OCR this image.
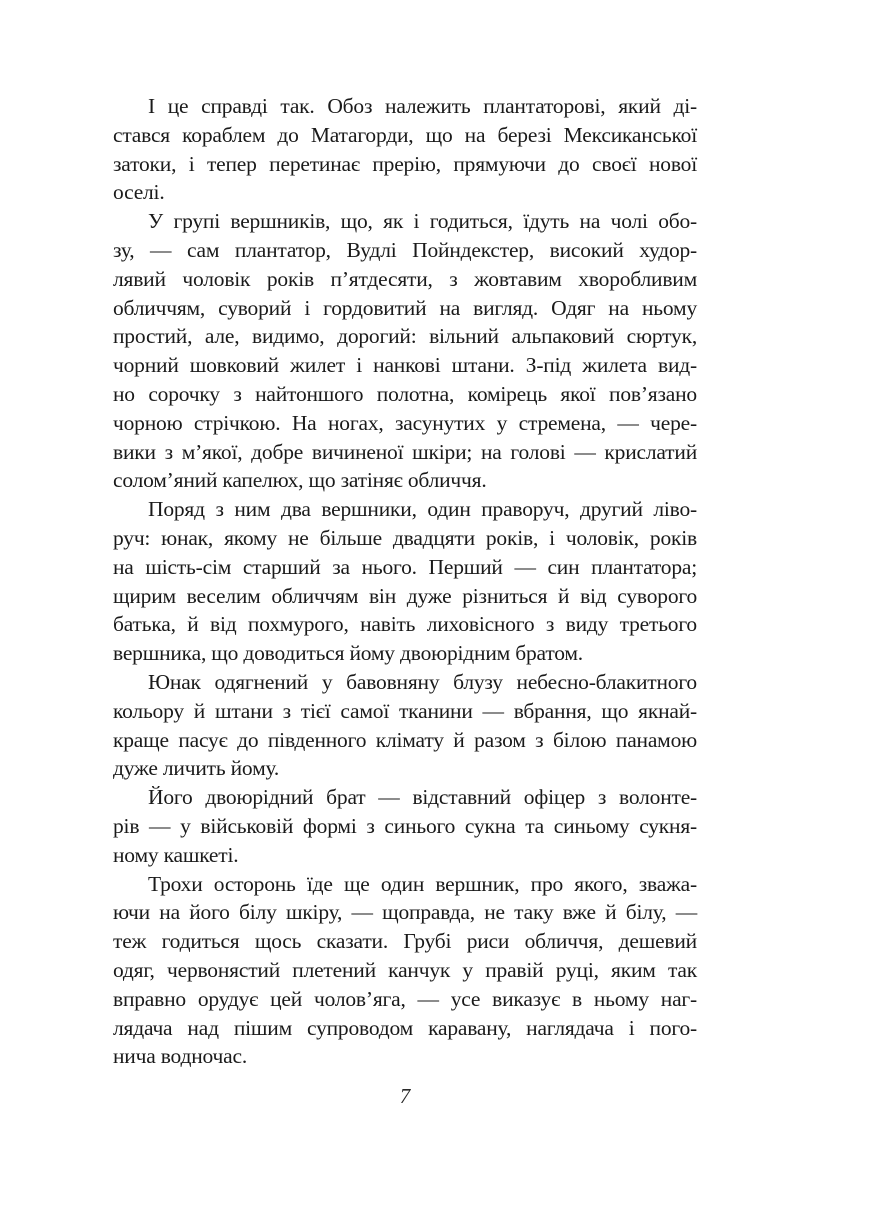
І це справді так. Обоз належить плантаторові, який ді-
стався кораблем до Матагорди, що на березі Мексиканської
затоки, і тепер перетинає прерію, прямуючи до своєї нової
оселі.
У групі вершників, що, як і годиться, їдуть на чолі обо-
зу, — сам плантатор, Вудлі Пойндекстер, високий худор-
лявий чоловік років п’ятдесяти, з жовтавим хворобливим
обличчям, суворий і гордовитий на вигляд. Одяг на ньому
простий, але, видимо, дорогий: вільний альпаковий сюртук,
чорний шовковий жилет і нанкові штани. З-під жилета вид-
но сорочку з найтоншого полотна, комірець якої пов’язано
чорною стрічкою. На ногах, засунутих у стремена, — чере-
вики з м’якої, добре вичиненої шкіри; на голові — крислатий
солом’яний капелюх, що затіняє обличчя.
Поряд з ним два вершники, один праворуч, другий ліво-
руч: юнак, якому не більше двадцяти років, і чоловік, років
на шість-сім старший за нього. Перший — син плантатора;
щирим веселим обличчям він дуже різниться й від суворого
батька, й від похмурого, навіть лиховісного з виду третього
вершника, що доводиться йому двоюрідним братом.
Юнак одягнений у бавовняну блузу небесно-блакитного
кольору й штани з тієї самої тканини — вбрання, що якнай-
краще пасує до південного клімату й разом з білою панамою
дуже личить йому.
Його двоюрідний брат — відставний офіцер з волонте-
рів — у військовій формі з синього сукна та синьому сукня-
ному кашкеті.
Трохи осторонь їде ще один вершник, про якого, зважа-
ючи на його білу шкіру, — щоправда, не таку вже й білу, —
теж годиться щось сказати. Грубі риси обличчя, дешевий
одяг, червонястий плетений канчук у правій руці, яким так
вправно орудує цей чолов’яга, — усе виказує в ньому наг-
лядача над пішим супроводом каравану, наглядача і пого-
нича водночас.
7
